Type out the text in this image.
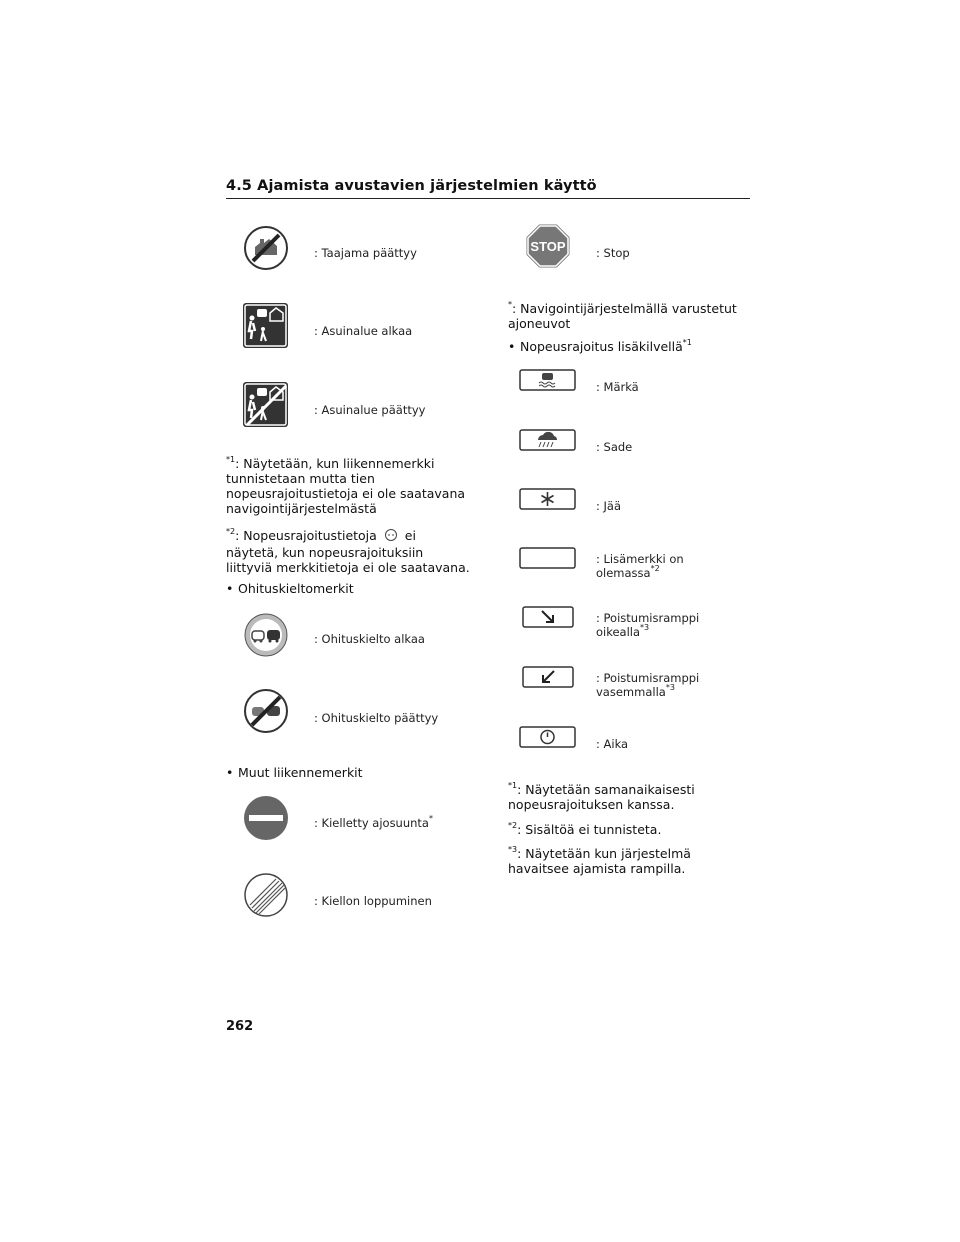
4.5 Ajamista avustavien järjestelmien käyttö
: Taajama päättyy
: Asuinalue alkaa
: Asuinalue päättyy
$^{*1}$: Näytetään, kun liikennemerkki tunnistetaan mutta tien nopeusrajoitustietoja ei ole saatavana navigointijärjestelmästä
$^{*2}$: Nopeusrajoitustietoja ei näytetä, kun nopeusrajoituksiin liittyviä merkkitietoja ei ole saatavana.
• Ohituskieltomerkit
: Ohituskielto alkaa
: Ohituskielto päättyy
• Muut liikennemerkit
: Kielletty ajosuunta*
: Kiellon loppuminen
STOP	: Stop
*: Navigointijärjestelmällä varustetut ajoneuvot
• Nopeusrajoitus lisäkilvellä$^{*1}$
: Märkä
: Sade
: Jää
: Lisämerkki on
olemassa$^{*2}$
: Poistumisramppi
oikealla$^{*3}$
: Poistumisramppi
vasemmalla$^{*3}$
: Aika
$^{*1}$: Näytetään samanaikaisesti nopeusrajoituksen kanssa.
$^{*2}$: Sisältöä ei tunnisteta.
$^{*3}$: Näytetään kun järjestelmä havaitsee ajamista rampilla.
262
